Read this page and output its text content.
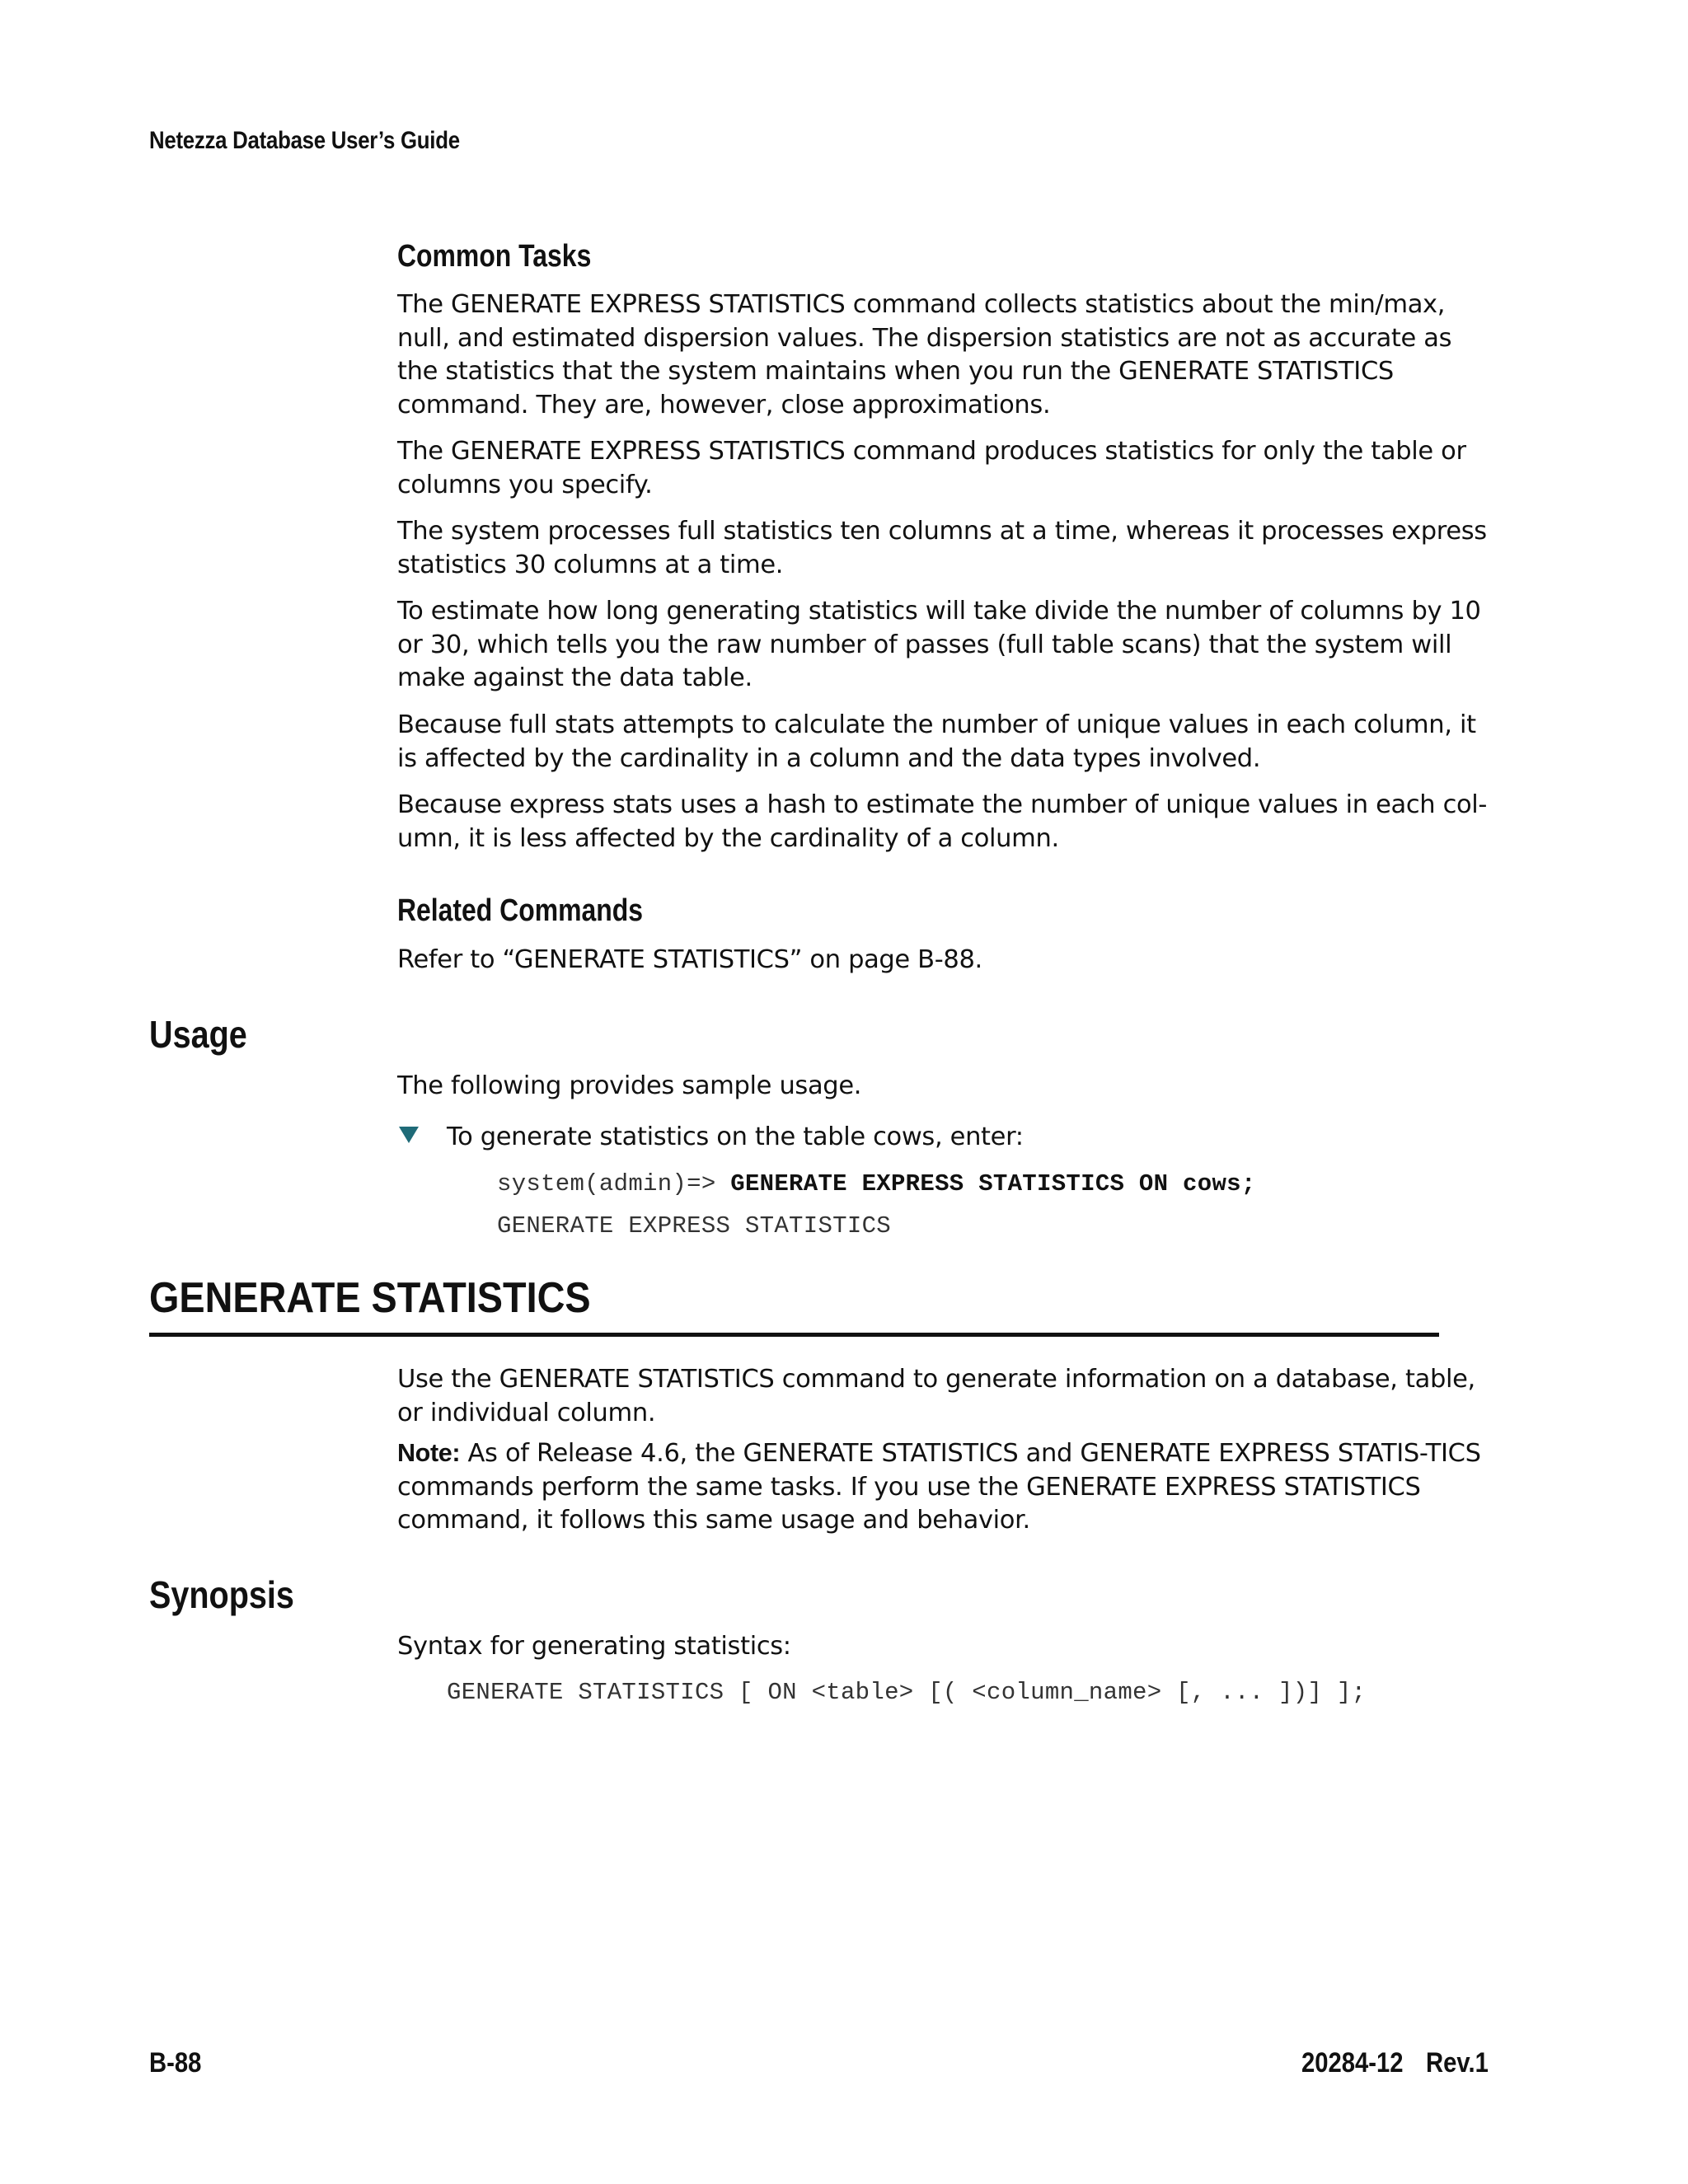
Netezza Database User’s Guide
Common Tasks

The GENERATE EXPRESS STATISTICS command collects statistics about the min/max, null, and estimated dispersion values. The dispersion statistics are not as accurate as the statistics that the system maintains when you run the GENERATE STATISTICS command. They are, however, close approximations.

The GENERATE EXPRESS STATISTICS command produces statistics for only the table or columns you specify.

The system processes full statistics ten columns at a time, whereas it processes express statistics 30 columns at a time.

To estimate how long generating statistics will take divide the number of columns by 10 or 30, which tells you the raw number of passes (full table scans) that the system will make against the data table.

Because full stats attempts to calculate the number of unique values in each column, it is affected by the cardinality in a column and the data types involved.

Because express stats uses a hash to estimate the number of unique values in each col-umn, it is less affected by the cardinality of a column.

Related Commands

Refer to “GENERATE STATISTICS” on page B-88.

Usage

The following provides sample usage.

To generate statistics on the table cows, enter:
system(admin)=> GENERATE EXPRESS STATISTICS ON cows;
GENERATE EXPRESS STATISTICS
GENERATE STATISTICS

Use the GENERATE STATISTICS command to generate information on a database, table, or individual column.

Note: As of Release 4.6, the GENERATE STATISTICS and GENERATE EXPRESS STATIS-TICS commands perform the same tasks. If you use the GENERATE EXPRESS STATISTICS command, it follows this same usage and behavior.

Synopsis

Syntax for generating statistics:

GENERATE STATISTICS [ ON <table> [( <column_name> [, ... ])] ];
B-88	20284-12 Rev.1
